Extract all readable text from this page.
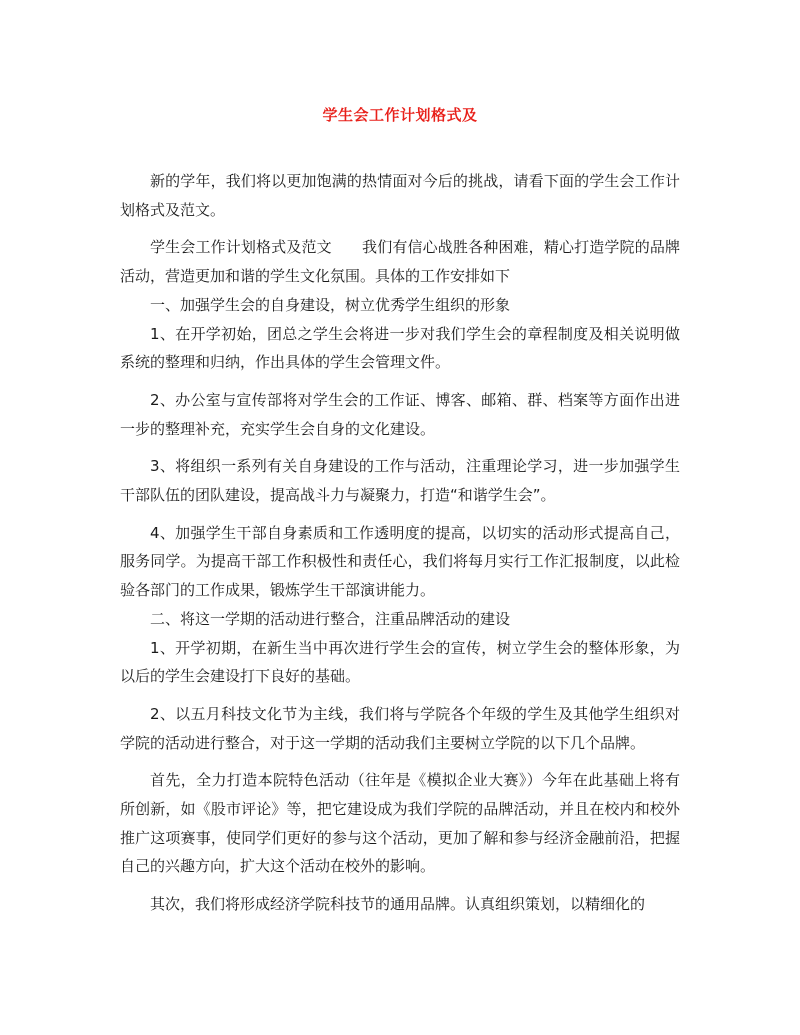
学生会工作计划格式及

新的学年，我们将以更加饱满的热情面对今后的挑战，请看下面的学生会工作计划格式及范文。

学生会工作计划格式及范文　　我们有信心战胜各种困难，精心打造学院的品牌活动，营造更加和谐的学生文化氛围。具体的工作安排如下

一、加强学生会的自身建设，树立优秀学生组织的形象

1、在开学初始，团总之学生会将进一步对我们学生会的章程制度及相关说明做系统的整理和归纳，作出具体的学生会管理文件。

2、办公室与宣传部将对学生会的工作证、博客、邮箱、群、档案等方面作出进一步的整理补充，充实学生会自身的文化建设。

3、将组织一系列有关自身建设的工作与活动，注重理论学习，进一步加强学生干部队伍的团队建设，提高战斗力与凝聚力，打造“和谐学生会”。

4、加强学生干部自身素质和工作透明度的提高，以切实的活动形式提高自己，服务同学。为提高干部工作积极性和责任心，我们将每月实行工作汇报制度，以此检验各部门的工作成果，锻炼学生干部演讲能力。

二、将这一学期的活动进行整合，注重品牌活动的建设

1、开学初期，在新生当中再次进行学生会的宣传，树立学生会的整体形象，为以后的学生会建设打下良好的基础。

2、以五月科技文化节为主线，我们将与学院各个年级的学生及其他学生组织对学院的活动进行整合，对于这一学期的活动我们主要树立学院的以下几个品牌。

首先，全力打造本院特色活动（往年是《模拟企业大赛》）今年在此基础上将有所创新，如《股市评论》等，把它建设成为我们学院的品牌活动，并且在校内和校外推广这项赛事，使同学们更好的参与这个活动，更加了解和参与经济金融前沿，把握自己的兴趣方向，扩大这个活动在校外的影响。

其次，我们将形成经济学院科技节的通用品牌。认真组织策划，以精细化的
